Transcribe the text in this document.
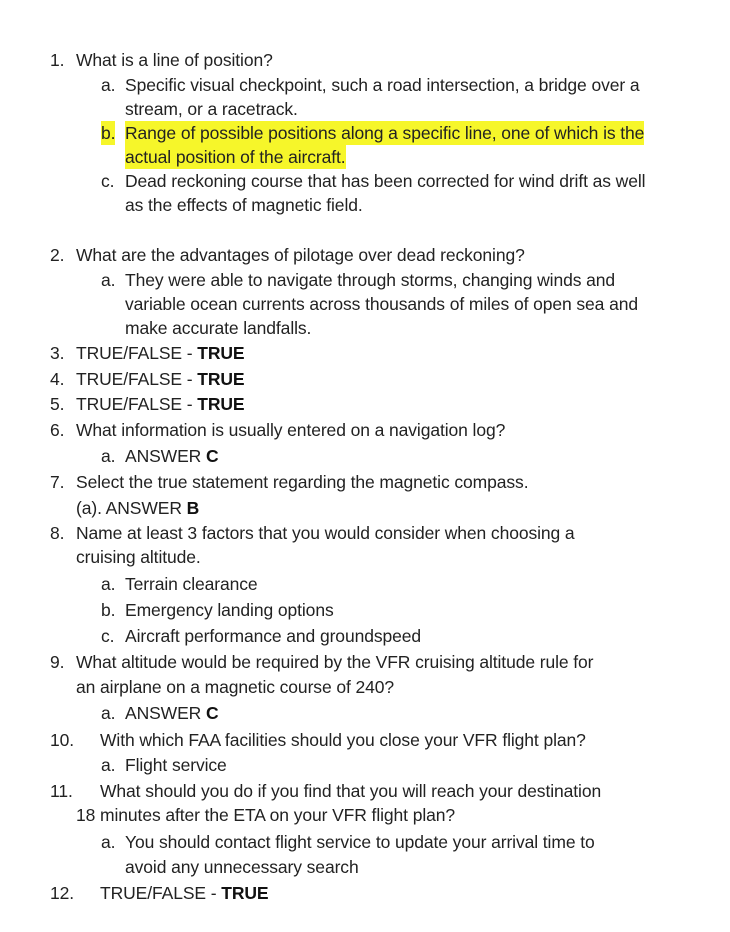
1. What is a line of position?
a. Specific visual checkpoint, such a road intersection, a bridge over a
stream, or a racetrack.
b. Range of possible positions along a specific line, one of which is the
actual position of the aircraft.
c. Dead reckoning course that has been corrected for wind drift as well
as the effects of magnetic field.
2. What are the advantages of pilotage over dead reckoning?
a. They were able to navigate through storms, changing winds and
variable ocean currents across thousands of miles of open sea and
make accurate landfalls.
3. TRUE/FALSE - TRUE
4. TRUE/FALSE - TRUE
5. TRUE/FALSE - TRUE
6. What information is usually entered on a navigation log?
a. ANSWER C
7. Select the true statement regarding the magnetic compass.
(a). ANSWER B
8. Name at least 3 factors that you would consider when choosing a
cruising altitude.
a. Terrain clearance
b. Emergency landing options
c. Aircraft performance and groundspeed
9. What altitude would be required by the VFR cruising altitude rule for
an airplane on a magnetic course of 240?
a. ANSWER C
10. With which FAA facilities should you close your VFR flight plan?
a. Flight service
11. What should you do if you find that you will reach your destination
18 minutes after the ETA on your VFR flight plan?
a. You should contact flight service to update your arrival time to
avoid any unnecessary search
12. TRUE/FALSE - TRUE
